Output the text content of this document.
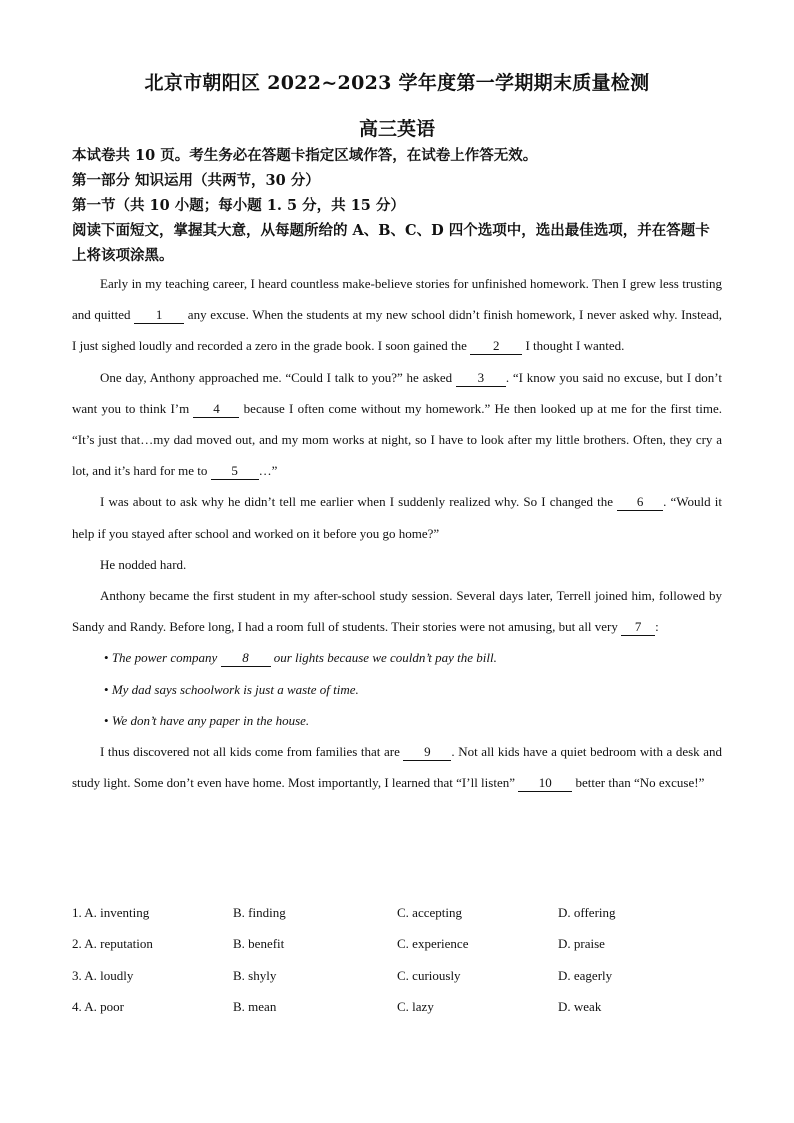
北京市朝阳区 2022~2023 学年度第一学期期末质量检测
高三英语
本试卷共 10 页。考生务必在答题卡指定区域作答，在试卷上作答无效。
第一部分 知识运用（共两节，30 分）
第一节（共 10 小题；每小题 1. 5 分，共 15 分）
阅读下面短文，掌握其大意，从每题所给的 A、B、C、D 四个选项中，选出最佳选项，并在答题卡上将该项涂黑。

Early in my teaching career, I heard countless make-believe stories for unfinished homework. Then I grew less trusting and quitted 1 any excuse. When the students at my new school didn’t finish homework, I never asked why. Instead, I just sighed loudly and recorded a zero in the grade book. I soon gained the 2 I thought I wanted.

One day, Anthony approached me. “Could I talk to you?” he asked 3 . “I know you said no excuse, but I don’t want you to think I’m 4 because I often come without my homework.” He then looked up at me for the first time. “It’s just that…my dad moved out, and my mom works at night, so I have to look after my little brothers. Often, they cry a lot, and it’s hard for me to 5 …”

I was about to ask why he didn’t tell me earlier when I suddenly realized why. So I changed the 6 . “Would it help if you stayed after school and worked on it before you go home?”

He nodded hard.

Anthony became the first student in my after-school study session. Several days later, Terrell joined him, followed by Sandy and Randy. Before long, I had a room full of students. Their stories were not amusing, but all very 7 :

• The power company 8 our lights because we couldn’t pay the bill.

• My dad says schoolwork is just a waste of time.

• We don’t have any paper in the house.

I thus discovered not all kids come from families that are 9 . Not all kids have a quiet bedroom with a desk and study light. Some don’t even have home. Most importantly, I learned that “I’ll listen” 10 better than “No excuse!”

1. A. inventing	B. finding	C. accepting	D. offering
2. A. reputation	B. benefit	C. experience	D. praise
3. A. loudly	B. shyly	C. curiously	D. eagerly
4. A. poor	B. mean	C. lazy	D. weak
